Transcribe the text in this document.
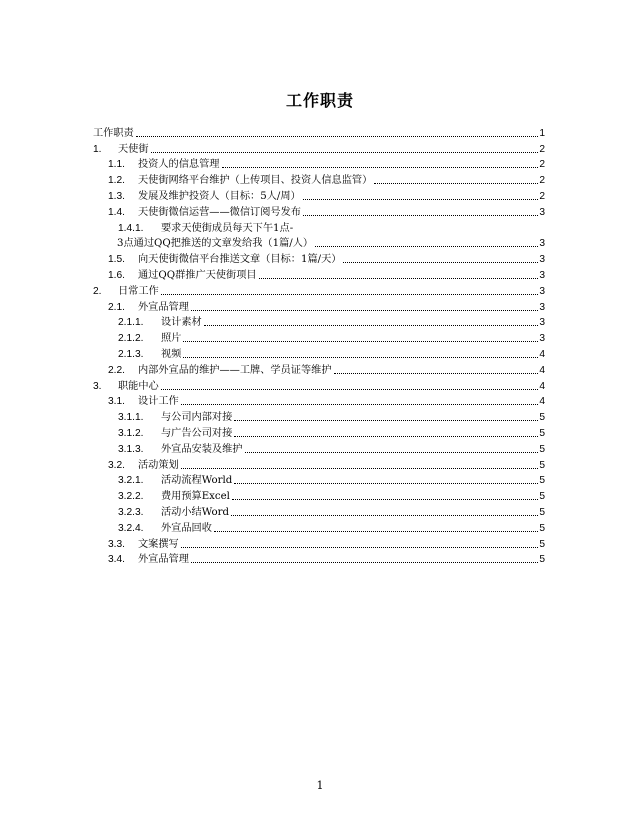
工作职责
工作职责	1
1.	天使街	2
1.1.	投资人的信息管理	2
1.2.	天使街网络平台维护（上传项目、投资人信息监管）	2
1.3.	发展及维护投资人（目标：5人/周）	2
1.4.	天使街微信运营——微信订阅号发布	3
1.4.1.	要求天使街成员每天下午1点-
3点通过QQ把推送的文章发给我（1篇/人）	3
1.5.	向天使街微信平台推送文章（目标：1篇/天）	3
1.6.	通过QQ群推广天使街项目	3
2.	日常工作	3
2.1.	外宣品管理	3
2.1.1.	设计素材	3
2.1.2.	照片	3
2.1.3.	视频	4
2.2.	内部外宣品的维护——工牌、学员证等维护	4
3.	职能中心	4
3.1.	设计工作	4
3.1.1.	与公司内部对接	5
3.1.2.	与广告公司对接	5
3.1.3.	外宣品安装及维护	5
3.2.	活动策划	5
3.2.1.	活动流程World	5
3.2.2.	费用预算Excel	5
3.2.3.	活动小结Word	5
3.2.4.	外宣品回收	5
3.3.	文案撰写	5
3.4.	外宣品管理	5
1
